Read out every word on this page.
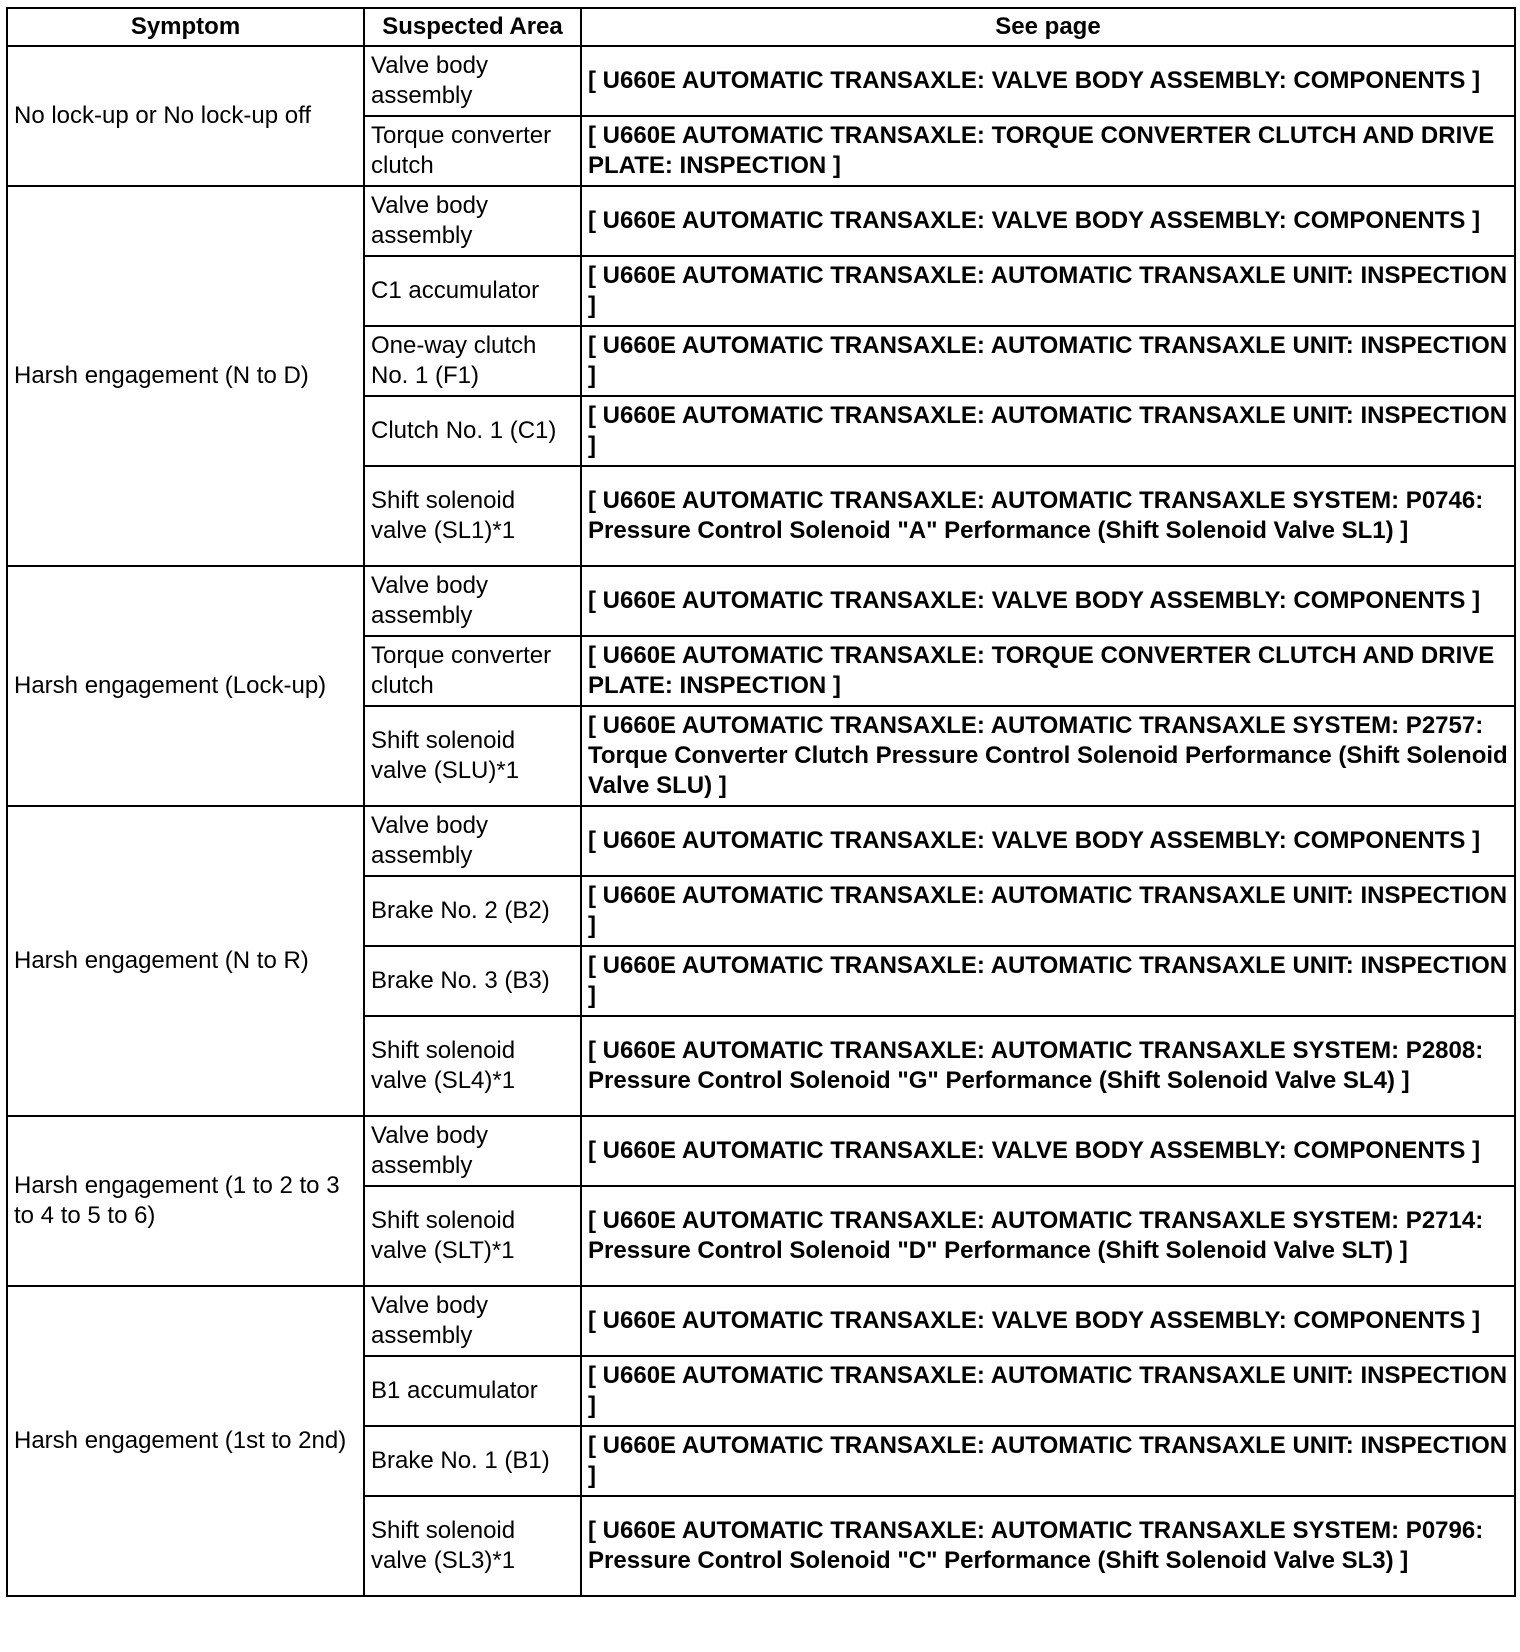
Symptom	Suspected Area	See page
No lock-up or No lock-up off	Valve body assembly	[ U660E AUTOMATIC TRANSAXLE: VALVE BODY ASSEMBLY: COMPONENTS ]
	Torque converter clutch	[ U660E AUTOMATIC TRANSAXLE: TORQUE CONVERTER CLUTCH AND DRIVE PLATE: INSPECTION ]
Harsh engagement (N to D)	Valve body assembly	[ U660E AUTOMATIC TRANSAXLE: VALVE BODY ASSEMBLY: COMPONENTS ]
	C1 accumulator	[ U660E AUTOMATIC TRANSAXLE: AUTOMATIC TRANSAXLE UNIT: INSPECTION ]
	One-way clutch No. 1 (F1)	[ U660E AUTOMATIC TRANSAXLE: AUTOMATIC TRANSAXLE UNIT: INSPECTION ]
	Clutch No. 1 (C1)	[ U660E AUTOMATIC TRANSAXLE: AUTOMATIC TRANSAXLE UNIT: INSPECTION ]
	Shift solenoid valve (SL1)*1	[ U660E AUTOMATIC TRANSAXLE: AUTOMATIC TRANSAXLE SYSTEM: P0746: Pressure Control Solenoid "A" Performance (Shift Solenoid Valve SL1) ]
Harsh engagement (Lock-up)	Valve body assembly	[ U660E AUTOMATIC TRANSAXLE: VALVE BODY ASSEMBLY: COMPONENTS ]
	Torque converter clutch	[ U660E AUTOMATIC TRANSAXLE: TORQUE CONVERTER CLUTCH AND DRIVE PLATE: INSPECTION ]
	Shift solenoid valve (SLU)*1	[ U660E AUTOMATIC TRANSAXLE: AUTOMATIC TRANSAXLE SYSTEM: P2757: Torque Converter Clutch Pressure Control Solenoid Performance (Shift Solenoid Valve SLU) ]
Harsh engagement (N to R)	Valve body assembly	[ U660E AUTOMATIC TRANSAXLE: VALVE BODY ASSEMBLY: COMPONENTS ]
	Brake No. 2 (B2)	[ U660E AUTOMATIC TRANSAXLE: AUTOMATIC TRANSAXLE UNIT: INSPECTION ]
	Brake No. 3 (B3)	[ U660E AUTOMATIC TRANSAXLE: AUTOMATIC TRANSAXLE UNIT: INSPECTION ]
	Shift solenoid valve (SL4)*1	[ U660E AUTOMATIC TRANSAXLE: AUTOMATIC TRANSAXLE SYSTEM: P2808: Pressure Control Solenoid "G" Performance (Shift Solenoid Valve SL4) ]
Harsh engagement (1 to 2 to 3 to 4 to 5 to 6)	Valve body assembly	[ U660E AUTOMATIC TRANSAXLE: VALVE BODY ASSEMBLY: COMPONENTS ]
	Shift solenoid valve (SLT)*1	[ U660E AUTOMATIC TRANSAXLE: AUTOMATIC TRANSAXLE SYSTEM: P2714: Pressure Control Solenoid "D" Performance (Shift Solenoid Valve SLT) ]
Harsh engagement (1st to 2nd)	Valve body assembly	[ U660E AUTOMATIC TRANSAXLE: VALVE BODY ASSEMBLY: COMPONENTS ]
	B1 accumulator	[ U660E AUTOMATIC TRANSAXLE: AUTOMATIC TRANSAXLE UNIT: INSPECTION ]
	Brake No. 1 (B1)	[ U660E AUTOMATIC TRANSAXLE: AUTOMATIC TRANSAXLE UNIT: INSPECTION ]
	Shift solenoid valve (SL3)*1	[ U660E AUTOMATIC TRANSAXLE: AUTOMATIC TRANSAXLE SYSTEM: P0796: Pressure Control Solenoid "C" Performance (Shift Solenoid Valve SL3) ]
